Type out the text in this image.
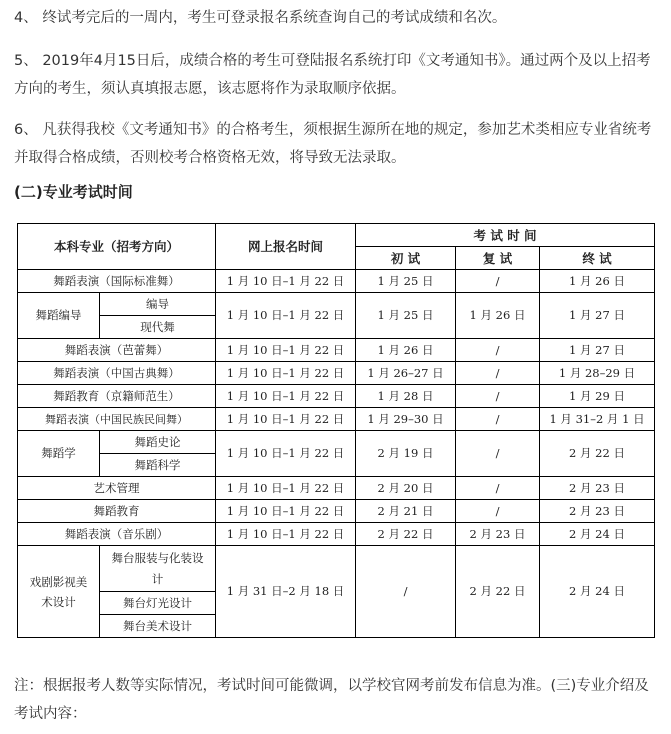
4、 终试考完后的一周内，考生可登录报名系统查询自己的考试成绩和名次。

5、 2019年4月15日后，成绩合格的考生可登陆报名系统打印《文考通知书》。通过两个及以上招考方向的考生，须认真填报志愿，该志愿将作为录取顺序依据。

6、 凡获得我校《文考通知书》的合格考生，须根据生源所在地的规定，参加艺术类相应专业省统考并取得合格成绩，否则校考合格资格无效，将导致无法录取。

(二)专业考试时间
本科专业（招考方向）		网上报名时间	考 试 时 间		
			初 试	复 试	终 试
舞蹈表演（国际标准舞）		1 月 10 日–1 月 22 日	1 月 25 日	/	1 月 26 日
舞蹈编导	编导	1 月 10 日–1 月 22 日	1 月 25 日	1 月 26 日	1 月 27 日
	现代舞				
舞蹈表演（芭蕾舞）		1 月 10 日–1 月 22 日	1 月 26 日	/	1 月 27 日
舞蹈表演（中国古典舞）		1 月 10 日–1 月 22 日	1 月 26–27 日	/	1 月 28–29 日
舞蹈教育（京籍师范生）		1 月 10 日–1 月 22 日	1 月 28 日	/	1 月 29 日
舞蹈表演（中国民族民间舞）		1 月 10 日–1 月 22 日	1 月 29–30 日	/	1 月 31–2 月 1 日
舞蹈学	舞蹈史论	1 月 10 日–1 月 22 日	2 月 19 日	/	2 月 22 日
	舞蹈科学				
艺术管理		1 月 10 日–1 月 22 日	2 月 20 日	/	2 月 23 日
舞蹈教育		1 月 10 日–1 月 22 日	2 月 21 日	/	2 月 23 日
舞蹈表演（音乐剧）		1 月 10 日–1 月 22 日	2 月 22 日	2 月 23 日	2 月 24 日
戏剧影视美术设计	舞台服装与化装设计	1 月 31 日–2 月 18 日	/	2 月 22 日	2 月 24 日
	舞台灯光设计				
	舞台美术设计				

注：根据报考人数等实际情况，考试时间可能微调，以学校官网考前发布信息为准。(三)专业介绍及考试内容：
